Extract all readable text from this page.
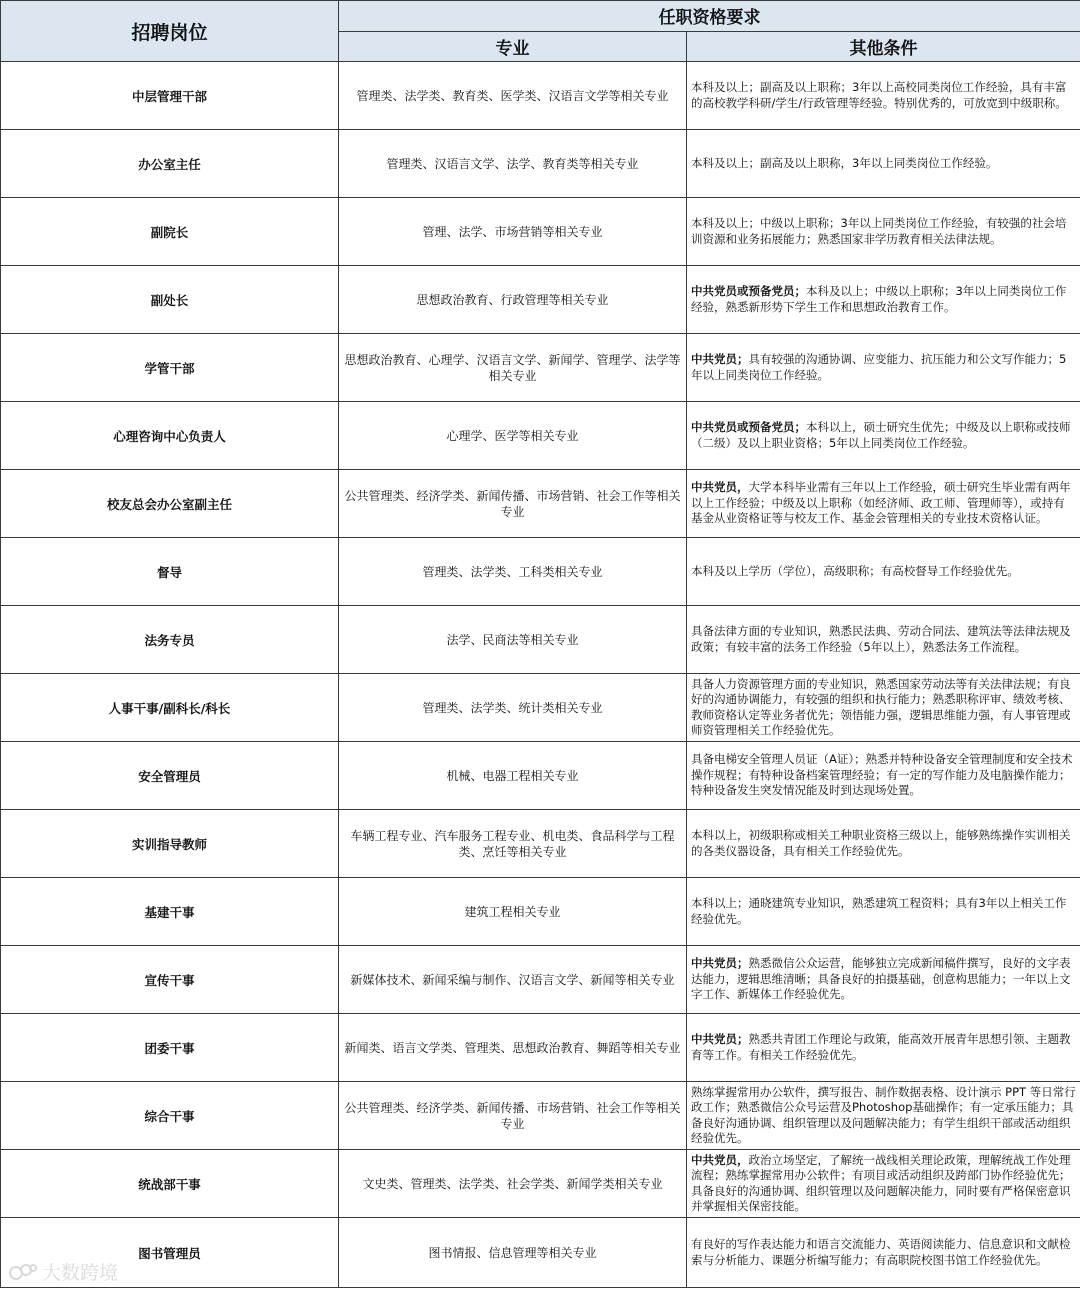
招聘岗位	任职资格要求	
	专业	其他条件
中层管理干部	管理类、法学类、教育类、医学类、汉语言文学等相关专业	本科及以上；副高及以上职称；3年以上高校同类岗位工作经验，具有丰富的高校教学科研/学生/行政管理等经验。特别优秀的，可放宽到中级职称。
办公室主任	管理类、汉语言文学、法学、教育类等相关专业	本科及以上；副高及以上职称，3年以上同类岗位工作经验。
副院长	管理、法学、市场营销等相关专业	本科及以上；中级以上职称；3年以上同类岗位工作经验，有较强的社会培训资源和业务拓展能力；熟悉国家非学历教育相关法律法规。
副处长	思想政治教育、行政管理等相关专业	中共党员或预备党员；本科及以上；中级以上职称；3年以上同类岗位工作经验，熟悉新形势下学生工作和思想政治教育工作。
学管干部	思想政治教育、心理学、汉语言文学、新闻学、管理学、法学等相关专业	中共党员；具有较强的沟通协调、应变能力、抗压能力和公文写作能力；5年以上同类岗位工作经验。
心理咨询中心负责人	心理学、医学等相关专业	中共党员或预备党员；本科以上，硕士研究生优先；中级及以上职称或技师（二级）及以上职业资格；5年以上同类岗位工作经验。
校友总会办公室副主任	公共管理类、经济学类、新闻传播、市场营销、社会工作等相关专业	中共党员，大学本科毕业需有三年以上工作经验，硕士研究生毕业需有两年以上工作经验；中级及以上职称（如经济师、政工师、管理师等），或持有基金从业资格证等与校友工作、基金会管理相关的专业技术资格认证。
督导	管理类、法学类、工科类相关专业	本科及以上学历（学位），高级职称；有高校督导工作经验优先。
法务专员	法学、民商法等相关专业	具备法律方面的专业知识，熟悉民法典、劳动合同法、建筑法等法律法规及政策；有较丰富的法务工作经验（5年以上），熟悉法务工作流程。
人事干事/副科长/科长	管理类、法学类、统计类相关专业	具备人力资源管理方面的专业知识，熟悉国家劳动法等有关法律法规；有良好的沟通协调能力，有较强的组织和执行能力；熟悉职称评审、绩效考核、教师资格认定等业务者优先；领悟能力强，逻辑思维能力强，有人事管理或师资管理相关工作经验优先。
安全管理员	机械、电器工程相关专业	具备电梯安全管理人员证（A证）；熟悉并特种设备安全管理制度和安全技术操作规程；有特种设备档案管理经验；有一定的写作能力及电脑操作能力；特种设备发生突发情况能及时到达现场处置。
实训指导教师	车辆工程专业、汽车服务工程专业、机电类、食品科学与工程类、烹饪等相关专业	本科以上，初级职称或相关工种职业资格三级以上，能够熟练操作实训相关的各类仪器设备，具有相关工作经验优先。
基建干事	建筑工程相关专业	本科以上；通晓建筑专业知识，熟悉建筑工程资料；具有3年以上相关工作经验优先。
宣传干事	新媒体技术、新闻采编与制作、汉语言文学、新闻等相关专业	中共党员；熟悉微信公众运营，能够独立完成新闻稿件撰写，良好的文字表达能力，逻辑思维清晰；具备良好的拍摄基础，创意构思能力；一年以上文字工作、新媒体工作经验优先。
团委干事	新闻类、语言文学类、管理类、思想政治教育、舞蹈等相关专业	中共党员；熟悉共青团工作理论与政策，能高效开展青年思想引领、主题教育等工作。有相关工作经验优先。
综合干事	公共管理类、经济学类、新闻传播、市场营销、社会工作等相关专业	熟练掌握常用办公软件，撰写报告、制作数据表格、设计演示 PPT 等日常行政工作；熟悉微信公众号运营及Photoshop基础操作；有一定承压能力；具备良好沟通协调、组织管理以及问题解决能力；有学生组织干部或活动组织经验优先。
统战部干事	文史类、管理类、法学类、社会学类、新闻学类相关专业	中共党员，政治立场坚定，了解统一战线相关理论政策，理解统战工作处理流程；熟练掌握常用办公软件；有项目或活动组织及跨部门协作经验优先；具备良好的沟通协调、组织管理以及问题解决能力，同时要有严格保密意识并掌握相关保密技能。
图书管理员	图书情报、信息管理等相关专业	有良好的写作表达能力和语言交流能力、英语阅读能力、信息意识和文献检索与分析能力、课题分析编写能力；有高职院校图书馆工作经验优先。
大数跨境
